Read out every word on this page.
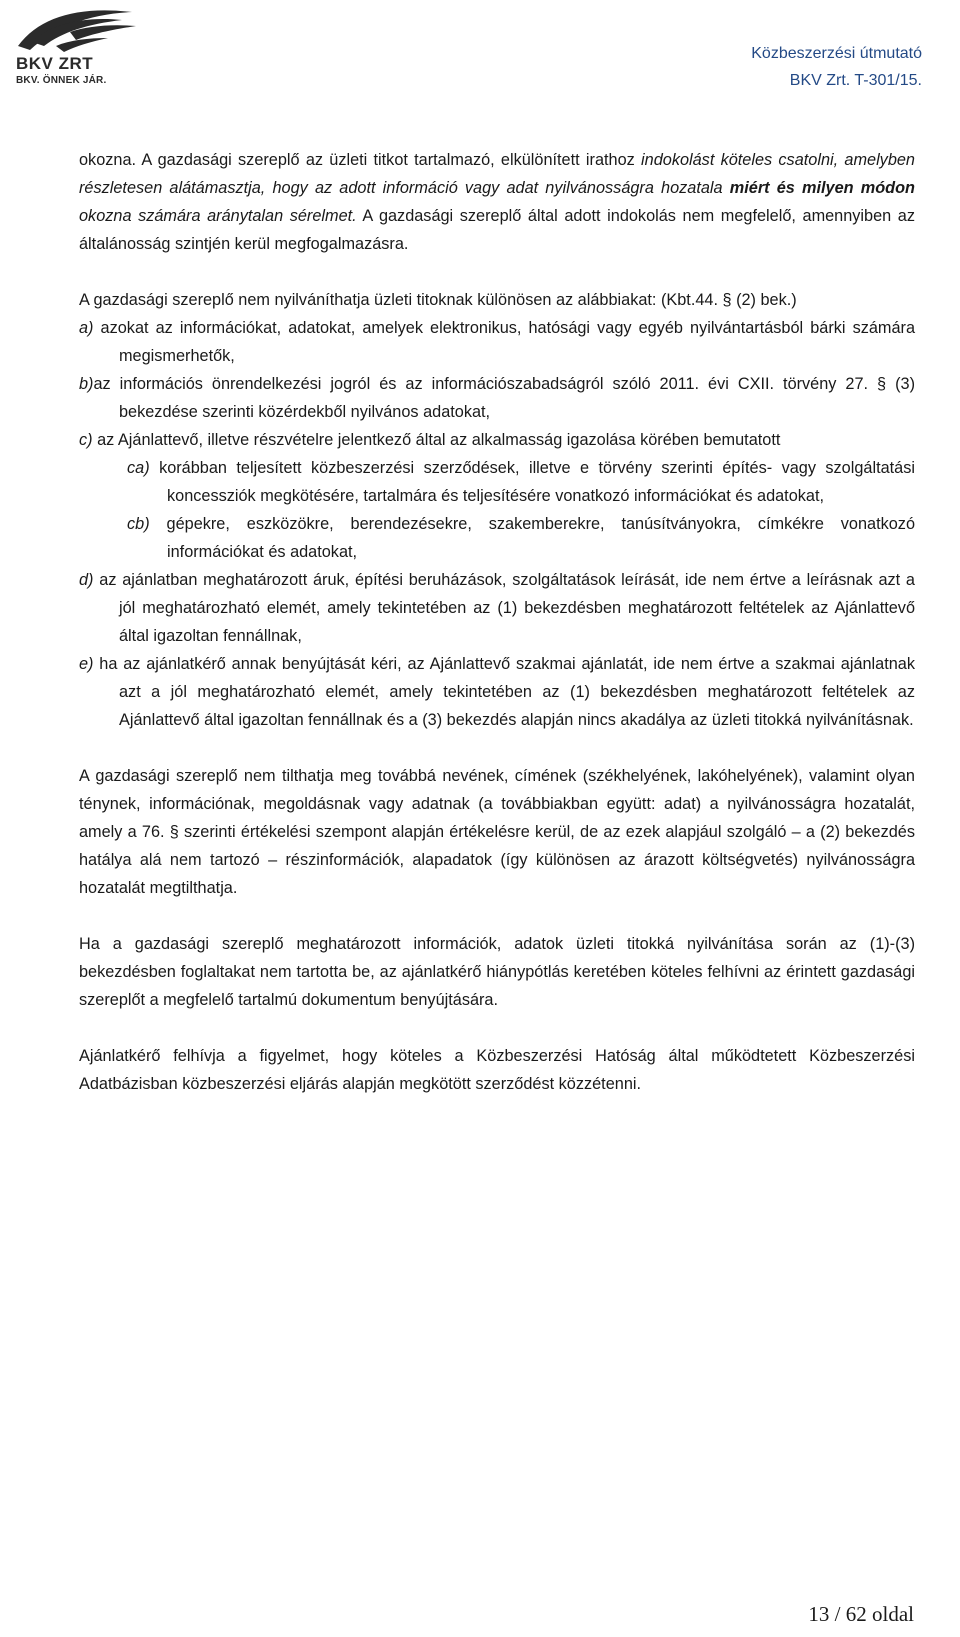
BKV ZRT
BKV. ÖNNEK JÁR.
Közbeszerzési útmutató
BKV Zrt. T-301/15.

okozna. A gazdasági szereplő az üzleti titkot tartalmazó, elkülönített irathoz indokolást köteles csatolni, amelyben részletesen alátámasztja, hogy az adott információ vagy adat nyilvánosságra hozatala miért és milyen módon okozna számára aránytalan sérelmet. A gazdasági szereplő által adott indokolás nem megfelelő, amennyiben az általánosság szintjén kerül megfogalmazásra.

A gazdasági szereplő nem nyilváníthatja üzleti titoknak különösen az alábbiakat: (Kbt.44. § (2) bek.)

a) azokat az információkat, adatokat, amelyek elektronikus, hatósági vagy egyéb nyilvántartásból bárki számára megismerhetők,
b)az információs önrendelkezési jogról és az információszabadságról szóló 2011. évi CXII. törvény 27. § (3) bekezdése szerinti közérdekből nyilvános adatokat,
c) az Ajánlattevő, illetve részvételre jelentkező által az alkalmasság igazolása körében bemutatott
ca) korábban teljesített közbeszerzési szerződések, illetve e törvény szerinti építés- vagy szolgáltatási koncessziók megkötésére, tartalmára és teljesítésére vonatkozó információkat és adatokat,
cb) gépekre, eszközökre, berendezésekre, szakemberekre, tanúsítványokra, címkékre vonatkozó információkat és adatokat,
d) az ajánlatban meghatározott áruk, építési beruházások, szolgáltatások leírását, ide nem értve a leírásnak azt a jól meghatározható elemét, amely tekintetében az (1) bekezdésben meghatározott feltételek az Ajánlattevő által igazoltan fennállnak,
e) ha az ajánlatkérő annak benyújtását kéri, az Ajánlattevő szakmai ajánlatát, ide nem értve a szakmai ajánlatnak azt a jól meghatározható elemét, amely tekintetében az (1) bekezdésben meghatározott feltételek az Ajánlattevő által igazoltan fennállnak és a (3) bekezdés alapján nincs akadálya az üzleti titokká nyilvánításnak.

A gazdasági szereplő nem tilthatja meg továbbá nevének, címének (székhelyének, lakóhelyének), valamint olyan ténynek, információnak, megoldásnak vagy adatnak (a továbbiakban együtt: adat) a nyilvánosságra hozatalát, amely a 76. § szerinti értékelési szempont alapján értékelésre kerül, de az ezek alapjául szolgáló – a (2) bekezdés hatálya alá nem tartozó – részinformációk, alapadatok (így különösen az árazott költségvetés) nyilvánosságra hozatalát megtilthatja.

Ha a gazdasági szereplő meghatározott információk, adatok üzleti titokká nyilvánítása során az (1)-(3) bekezdésben foglaltakat nem tartotta be, az ajánlatkérő hiánypótlás keretében köteles felhívni az érintett gazdasági szereplőt a megfelelő tartalmú dokumentum benyújtására.

Ajánlatkérő felhívja a figyelmet, hogy köteles a Közbeszerzési Hatóság által működtetett Közbeszerzési Adatbázisban közbeszerzési eljárás alapján megkötött szerződést közzétenni.

13 / 62 oldal
